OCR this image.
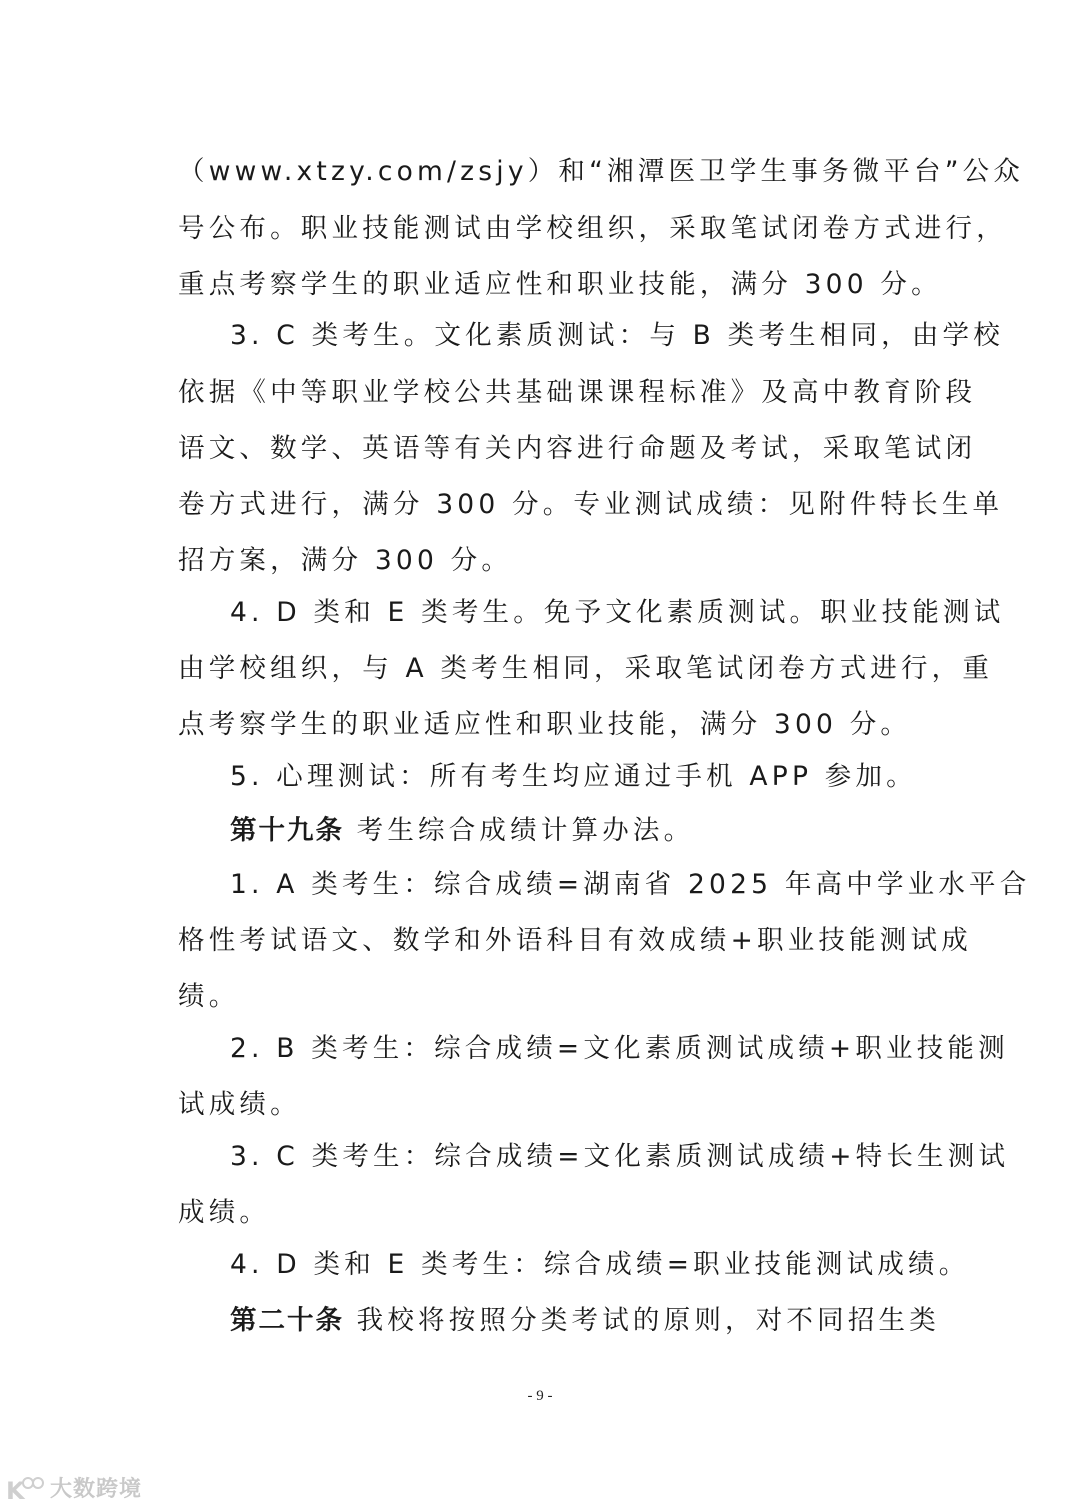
（www.xtzy.com/zsjy）和“湘潭医卫学生事务微平台”公众
号公布。职业技能测试由学校组织，采取笔试闭卷方式进行，
重点考察学生的职业适应性和职业技能，满分 300 分。
3. C 类考生。文化素质测试：与 B 类考生相同，由学校
依据《中等职业学校公共基础课课程标准》及高中教育阶段
语文、数学、英语等有关内容进行命题及考试，采取笔试闭
卷方式进行，满分 300 分。专业测试成绩：见附件特长生单
招方案，满分 300 分。
4. D 类和 E 类考生。免予文化素质测试。职业技能测试
由学校组织，与 A 类考生相同，采取笔试闭卷方式进行，重
点考察学生的职业适应性和职业技能，满分 300 分。
5. 心理测试：所有考生均应通过手机 APP 参加。
第十九条 考生综合成绩计算办法。
1. A 类考生：综合成绩=湖南省 2025 年高中学业水平合
格性考试语文、数学和外语科目有效成绩+职业技能测试成
绩。
2. B 类考生：综合成绩=文化素质测试成绩+职业技能测
试成绩。
3. C 类考生：综合成绩=文化素质测试成绩+特长生测试
成绩。
4. D 类和 E 类考生：综合成绩=职业技能测试成绩。
第二十条 我校将按照分类考试的原则，对不同招生类
- 9 -
K 大数跨境
